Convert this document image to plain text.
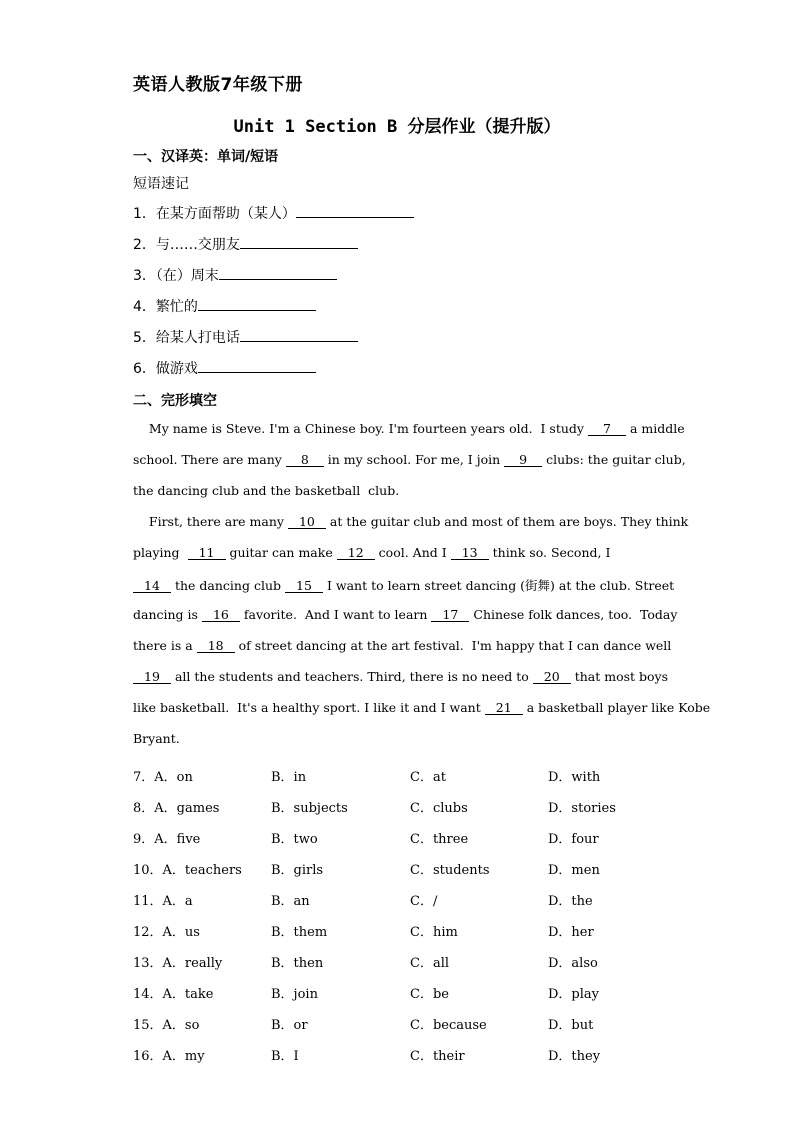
英语人教版7年级下册
Unit 1 Section B 分层作业（提升版）
一、汉译英：单词/短语
短语速记
1．在某方面帮助（某人）
2．与……交朋友
3．（在）周末
4．繁忙的
5．给某人打电话
6．做游戏
二、完形填空
My name is Steve. I'm a Chinese boy. I'm fourteen years old.  I study 7 a middle
school. There are many 8 in my school. For me, I join 9 clubs: the guitar club,
the dancing club and the basketball  club.
First, there are many 10 at the guitar club and most of them are boys. They think
playing  11 guitar can make 12 cool. And I 13 think so. Second, I
14 the dancing club 15 I want to learn street dancing (街舞) at the club. Street
dancing is 16 favorite.  And I want to learn 17 Chinese folk dances, too.  Today
there is a 18 of street dancing at the art festival.  I'm happy that I can dance well
19 all the students and teachers. Third, there is no need to 20 that most boys
like basketball.  It's a healthy sport. I like it and I want 21 a basketball player like Kobe
Bryant.
7．A．on	B．in	C．at	D．with
8．A．games	B．subjects	C．clubs	D．stories
9．A．five	B．two	C．three	D．four
10．A．teachers B．girls	C．students	D．men
11．A．a	B．an	C．/	D．the
12．A．us	B．them	C．him	D．her
13．A．really	B．then	C．all	D．also
14．A．take	B．join	C．be	D．play
15．A．so	B．or	C．because	D．but
16．A．my	B．I	C．their	D．they
